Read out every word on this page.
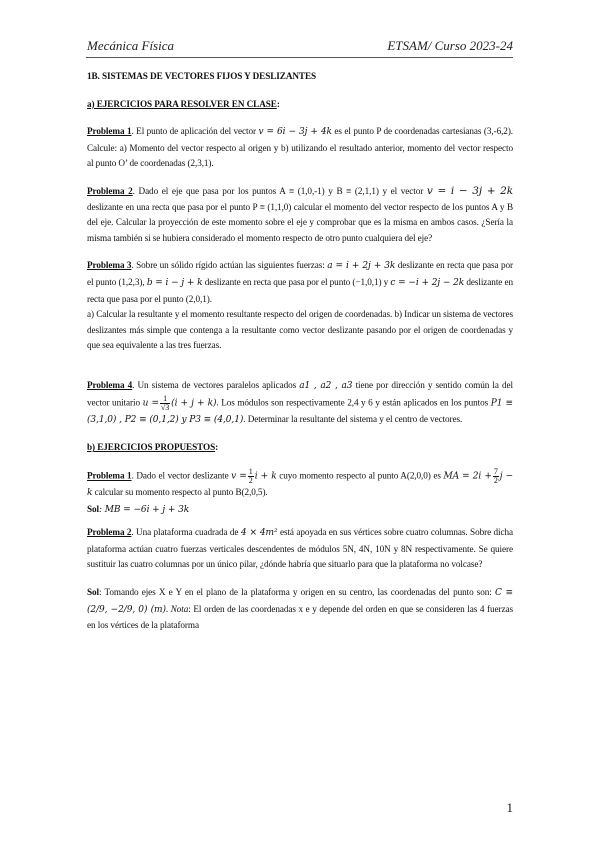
Mecánica Física	ETSAM/ Curso 2023-24

1B. SISTEMAS DE VECTORES FIJOS Y DESLIZANTES

a) EJERCICIOS PARA RESOLVER EN CLASE:

Problema 1. El punto de aplicación del vector v = 6i − 3j + 4k es el punto P de coordenadas cartesianas (3,-6,2). Calcule: a) Momento del vector respecto al origen y b) utilizando el resultado anterior, momento del vector respecto al punto O’ de coordenadas (2,3,1).

Problema 2. Dado el eje que pasa por los puntos A ≡ (1,0,-1) y B ≡ (2,1,1) y el vector v = i − 3j + 2k deslizante en una recta que pasa por el punto P ≡ (1,1,0) calcular el momento del vector respecto de los puntos A y B del eje. Calcular la proyección de este momento sobre el eje y comprobar que es la misma en ambos casos. ¿Sería la misma también si se hubiera considerado el momento respecto de otro punto cualquiera del eje?

Problema 3. Sobre un sólido rígido actúan las siguientes fuerzas: a = i + 2j + 3k deslizante en recta que pasa por el punto (1,2,3), b = i − j + k deslizante en recta que pasa por el punto (−1,0,1) y c = −i + 2j − 2k deslizante en recta que pasa por el punto (2,0,1).

a) Calcular la resultante y el momento resultante respecto del origen de coordenadas. b) Indicar un sistema de vectores deslizantes más simple que contenga a la resultante como vector deslizante pasando por el origen de coordenadas y que sea equivalente a las tres fuerzas.

Problema 4. Un sistema de vectores paralelos aplicados a1 , a2 , a3 tiene por dirección y sentido común la del vector unitario $u = \frac{1}{√3} (i + j + k)$. Los módulos son respectivamente 2,4 y 6 y están aplicados en los puntos P1 ≡ (3,1,0) , P2 ≡ (0,1,2) y P3 ≡ (4,0,1). Determinar la resultante del sistema y el centro de vectores.

b) EJERCICIOS PROPUESTOS:

Problema 1. Dado el vector deslizante $v = \frac{1}{2}$ i + k cuyo momento respecto al punto A(2,0,0) es MA = $2i + \frac{7}{2}$ j − k calcular su momento respecto al punto B(2,0,5).

Sol: MB = −6i + j + 3k

Problema 2. Una plataforma cuadrada de 4 × 4m² está apoyada en sus vértices sobre cuatro columnas. Sobre dicha plataforma actúan cuatro fuerzas verticales descendentes de módulos 5N, 4N, 10N y 8N respectivamente. Se quiere sustituir las cuatro columnas por un único pilar, ¿dónde habría que situarlo para que la plataforma no volcase?

Sol: Tomando ejes X e Y en el plano de la plataforma y origen en su centro, las coordenadas del punto son: C ≡ (2/9, −2/9, 0) (m). Nota: El orden de las coordenadas x e y depende del orden en que se consideren las 4 fuerzas en los vértices de la plataforma

1
